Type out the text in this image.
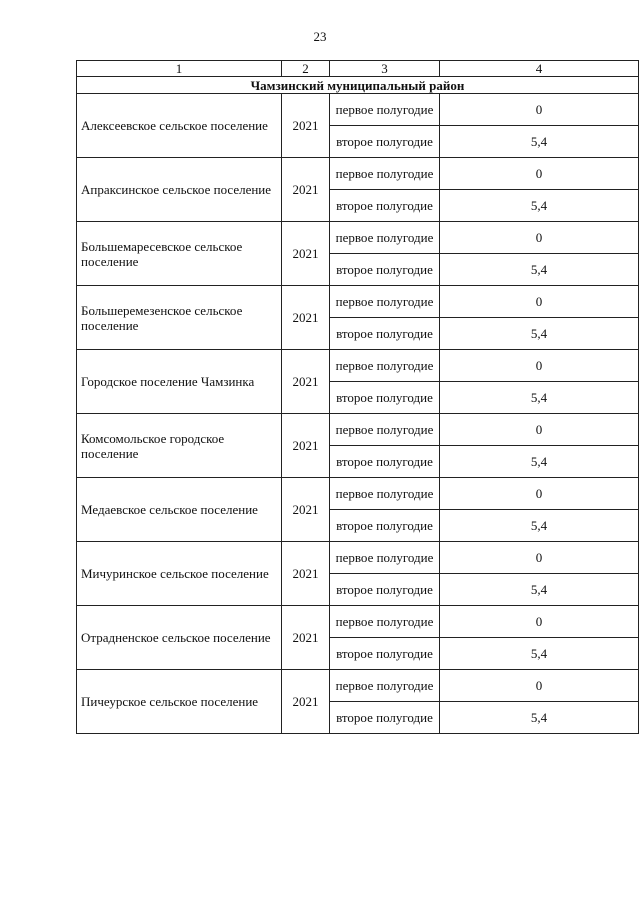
23
1	2	3	4
Чамзинский муниципальный район			
Алексеевское сельское поселение	2021	первое полугодие	0
		второе полугодие	5,4
Апраксинское сельское поселение	2021	первое полугодие	0
		второе полугодие	5,4
Большемаресевское сельское поселение	2021	первое полугодие	0
		второе полугодие	5,4
Большеремезенское сельское поселение	2021	первое полугодие	0
		второе полугодие	5,4
Городское поселение Чамзинка	2021	первое полугодие	0
		второе полугодие	5,4
Комсомольское городское поселение	2021	первое полугодие	0
		второе полугодие	5,4
Медаевское сельское поселение	2021	первое полугодие	0
		второе полугодие	5,4
Мичуринское сельское поселение	2021	первое полугодие	0
		второе полугодие	5,4
Отрадненское сельское поселение	2021	первое полугодие	0
		второе полугодие	5,4
Пичеурское сельское поселение	2021	первое полугодие	0
		второе полугодие	5,4
